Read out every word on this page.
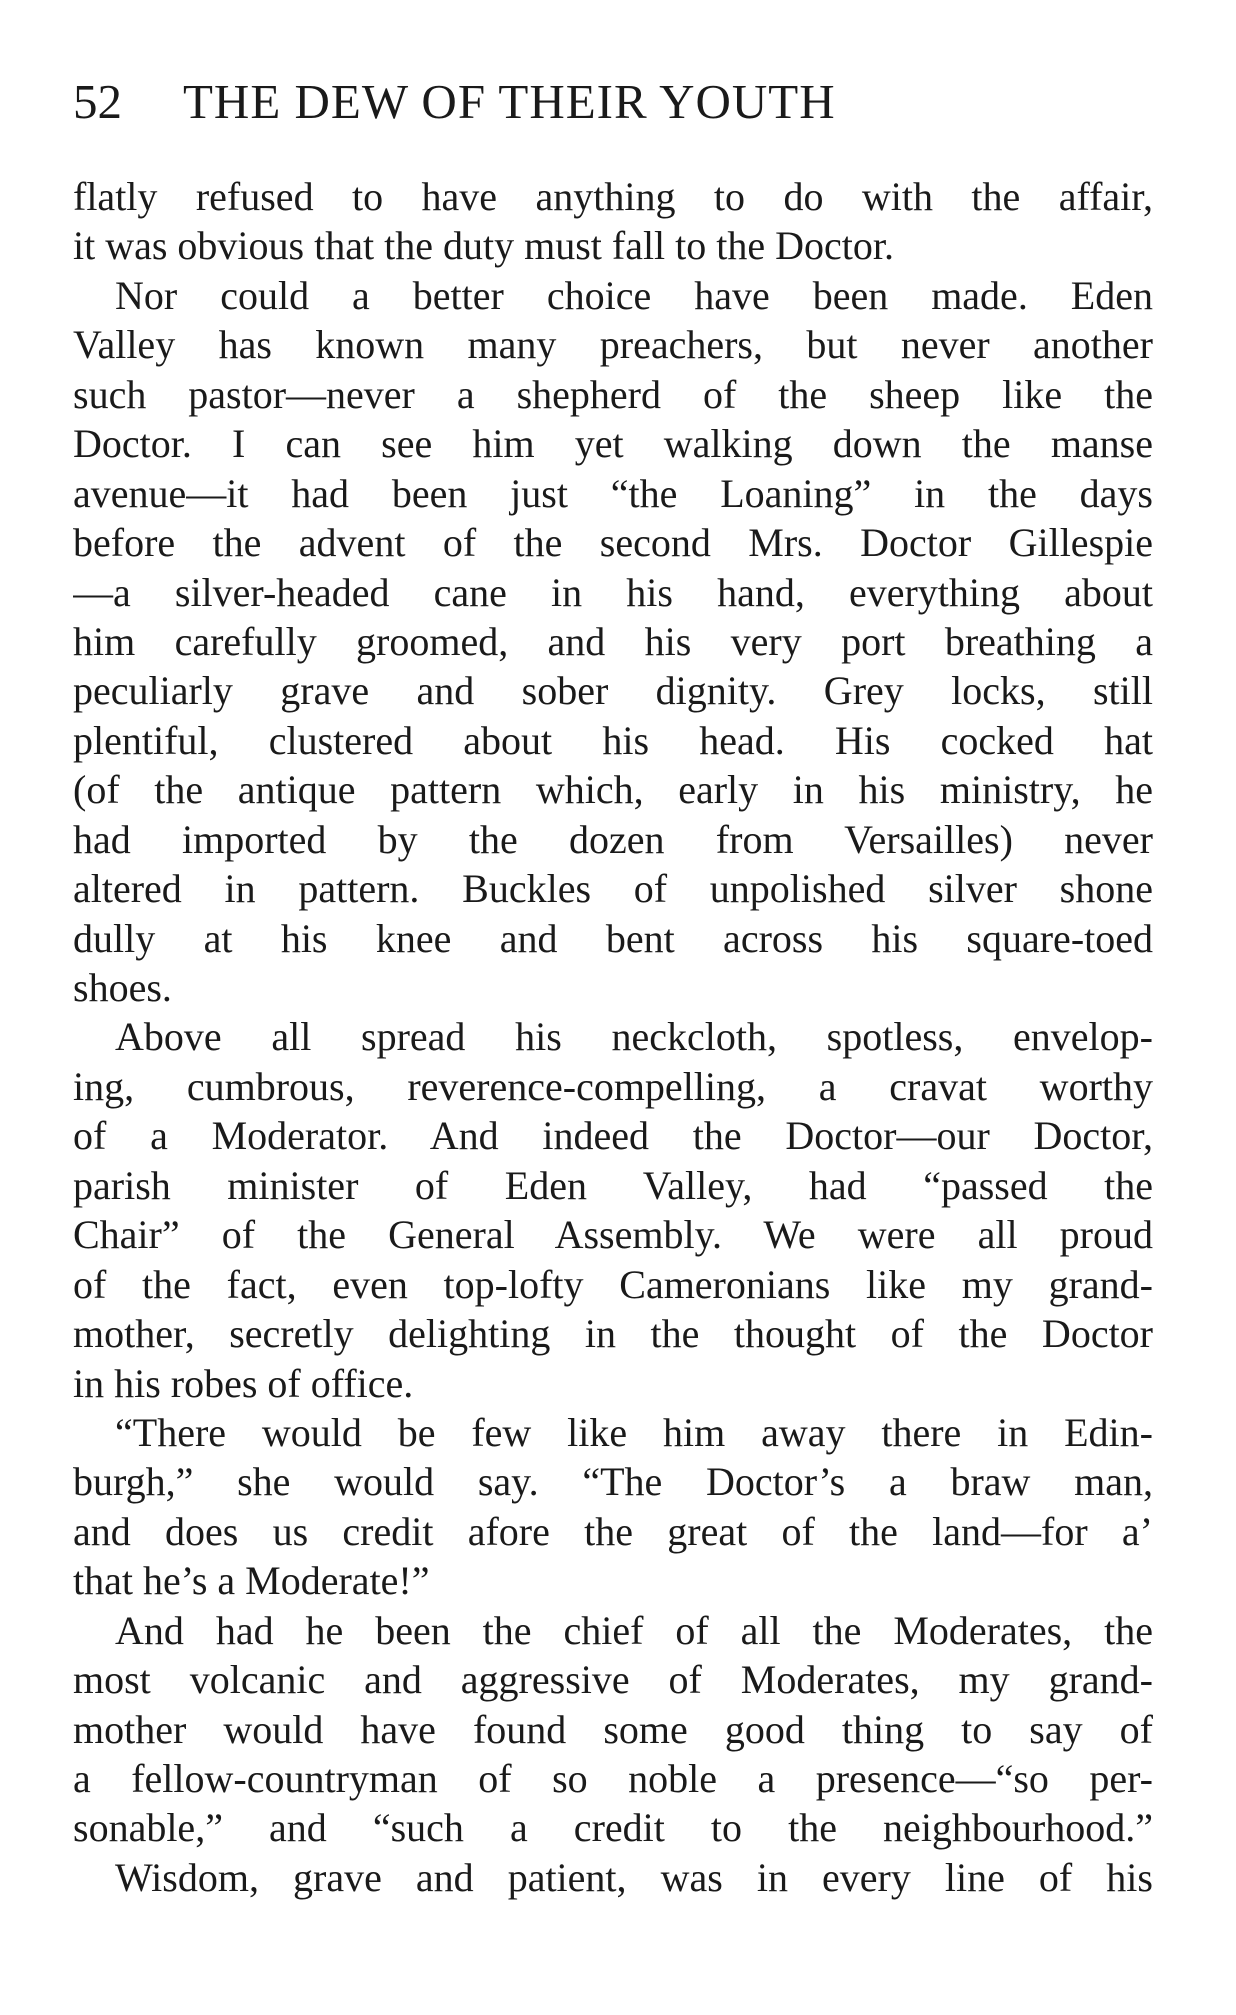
52 THE DEW OF THEIR YOUTH
flatly refused to have anything to do with the affair,
it was obvious that the duty must fall to the Doctor.
Nor could a better choice have been made. Eden
Valley has known many preachers, but never another
such pastor—never a shepherd of the sheep like the
Doctor. I can see him yet walking down the manse
avenue—it had been just “the Loaning” in the days
before the advent of the second Mrs. Doctor Gillespie
—a silver-headed cane in his hand, everything about
him carefully groomed, and his very port breathing a
peculiarly grave and sober dignity. Grey locks, still
plentiful, clustered about his head. His cocked hat
(of the antique pattern which, early in his ministry, he
had imported by the dozen from Versailles) never
altered in pattern. Buckles of unpolished silver shone
dully at his knee and bent across his square-toed
shoes.
Above all spread his neckcloth, spotless, envelop-
ing, cumbrous, reverence-compelling, a cravat worthy
of a Moderator. And indeed the Doctor—our Doctor,
parish minister of Eden Valley, had “passed the
Chair” of the General Assembly. We were all proud
of the fact, even top-lofty Cameronians like my grand-
mother, secretly delighting in the thought of the Doctor
in his robes of office.
“There would be few like him away there in Edin-
burgh,” she would say. “The Doctor’s a braw man,
and does us credit afore the great of the land—for a’
that he’s a Moderate!”
And had he been the chief of all the Moderates, the
most volcanic and aggressive of Moderates, my grand-
mother would have found some good thing to say of
a fellow-countryman of so noble a presence—“so per-
sonable,” and “such a credit to the neighbourhood.”
Wisdom, grave and patient, was in every line of his
